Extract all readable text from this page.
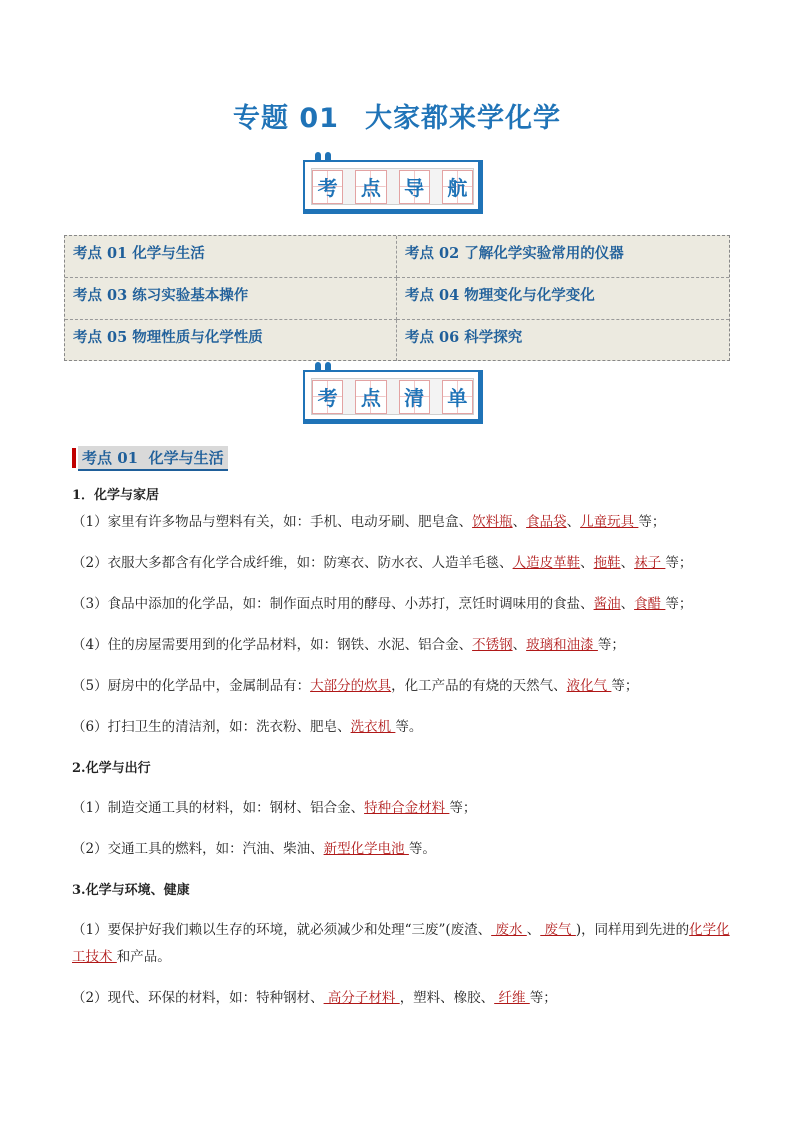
专题 01 大家都来学化学
考 点 导 航
考点 01 化学与生活	考点 02 了解化学实验常用的仪器
考点 03 练习实验基本操作	考点 04 物理变化与化学变化
考点 05 物理性质与化学性质	考点 06 科学探究
考 点 清 单
考点 01 化学与生活
1．化学与家居
（1）家里有许多物品与塑料有关，如：手机、电动牙刷、肥皂盒、饮料瓶、食品袋、儿童玩具 等；
（2）衣服大多都含有化学合成纤维，如：防寒衣、防水衣、人造羊毛毯、人造皮革鞋、拖鞋、袜子 等；
（3）食品中添加的化学品，如：制作面点时用的酵母、小苏打，烹饪时调味用的食盐、酱油、食醋 等；
（4）住的房屋需要用到的化学品材料，如：钢铁、水泥、铝合金、不锈钢、玻璃和油漆 等；
（5）厨房中的化学品中，金属制品有：大部分的炊具，化工产品的有烧的天然气、液化气 等；
（6）打扫卫生的清洁剂，如：洗衣粉、肥皂、洗衣机 等。
2.化学与出行
（1）制造交通工具的材料，如：钢材、铝合金、特种合金材料 等；
（2）交通工具的燃料，如：汽油、柴油、新型化学电池 等。
3.化学与环境、健康
（1）要保护好我们赖以生存的环境，就必须减少和处理“三废”(废渣、 废水 、 废气 )，同样用到先进的化学化工技术 和产品。
（2）现代、环保的材料，如：特种钢材、 高分子材料 ，塑料、橡胶、 纤维 等；
